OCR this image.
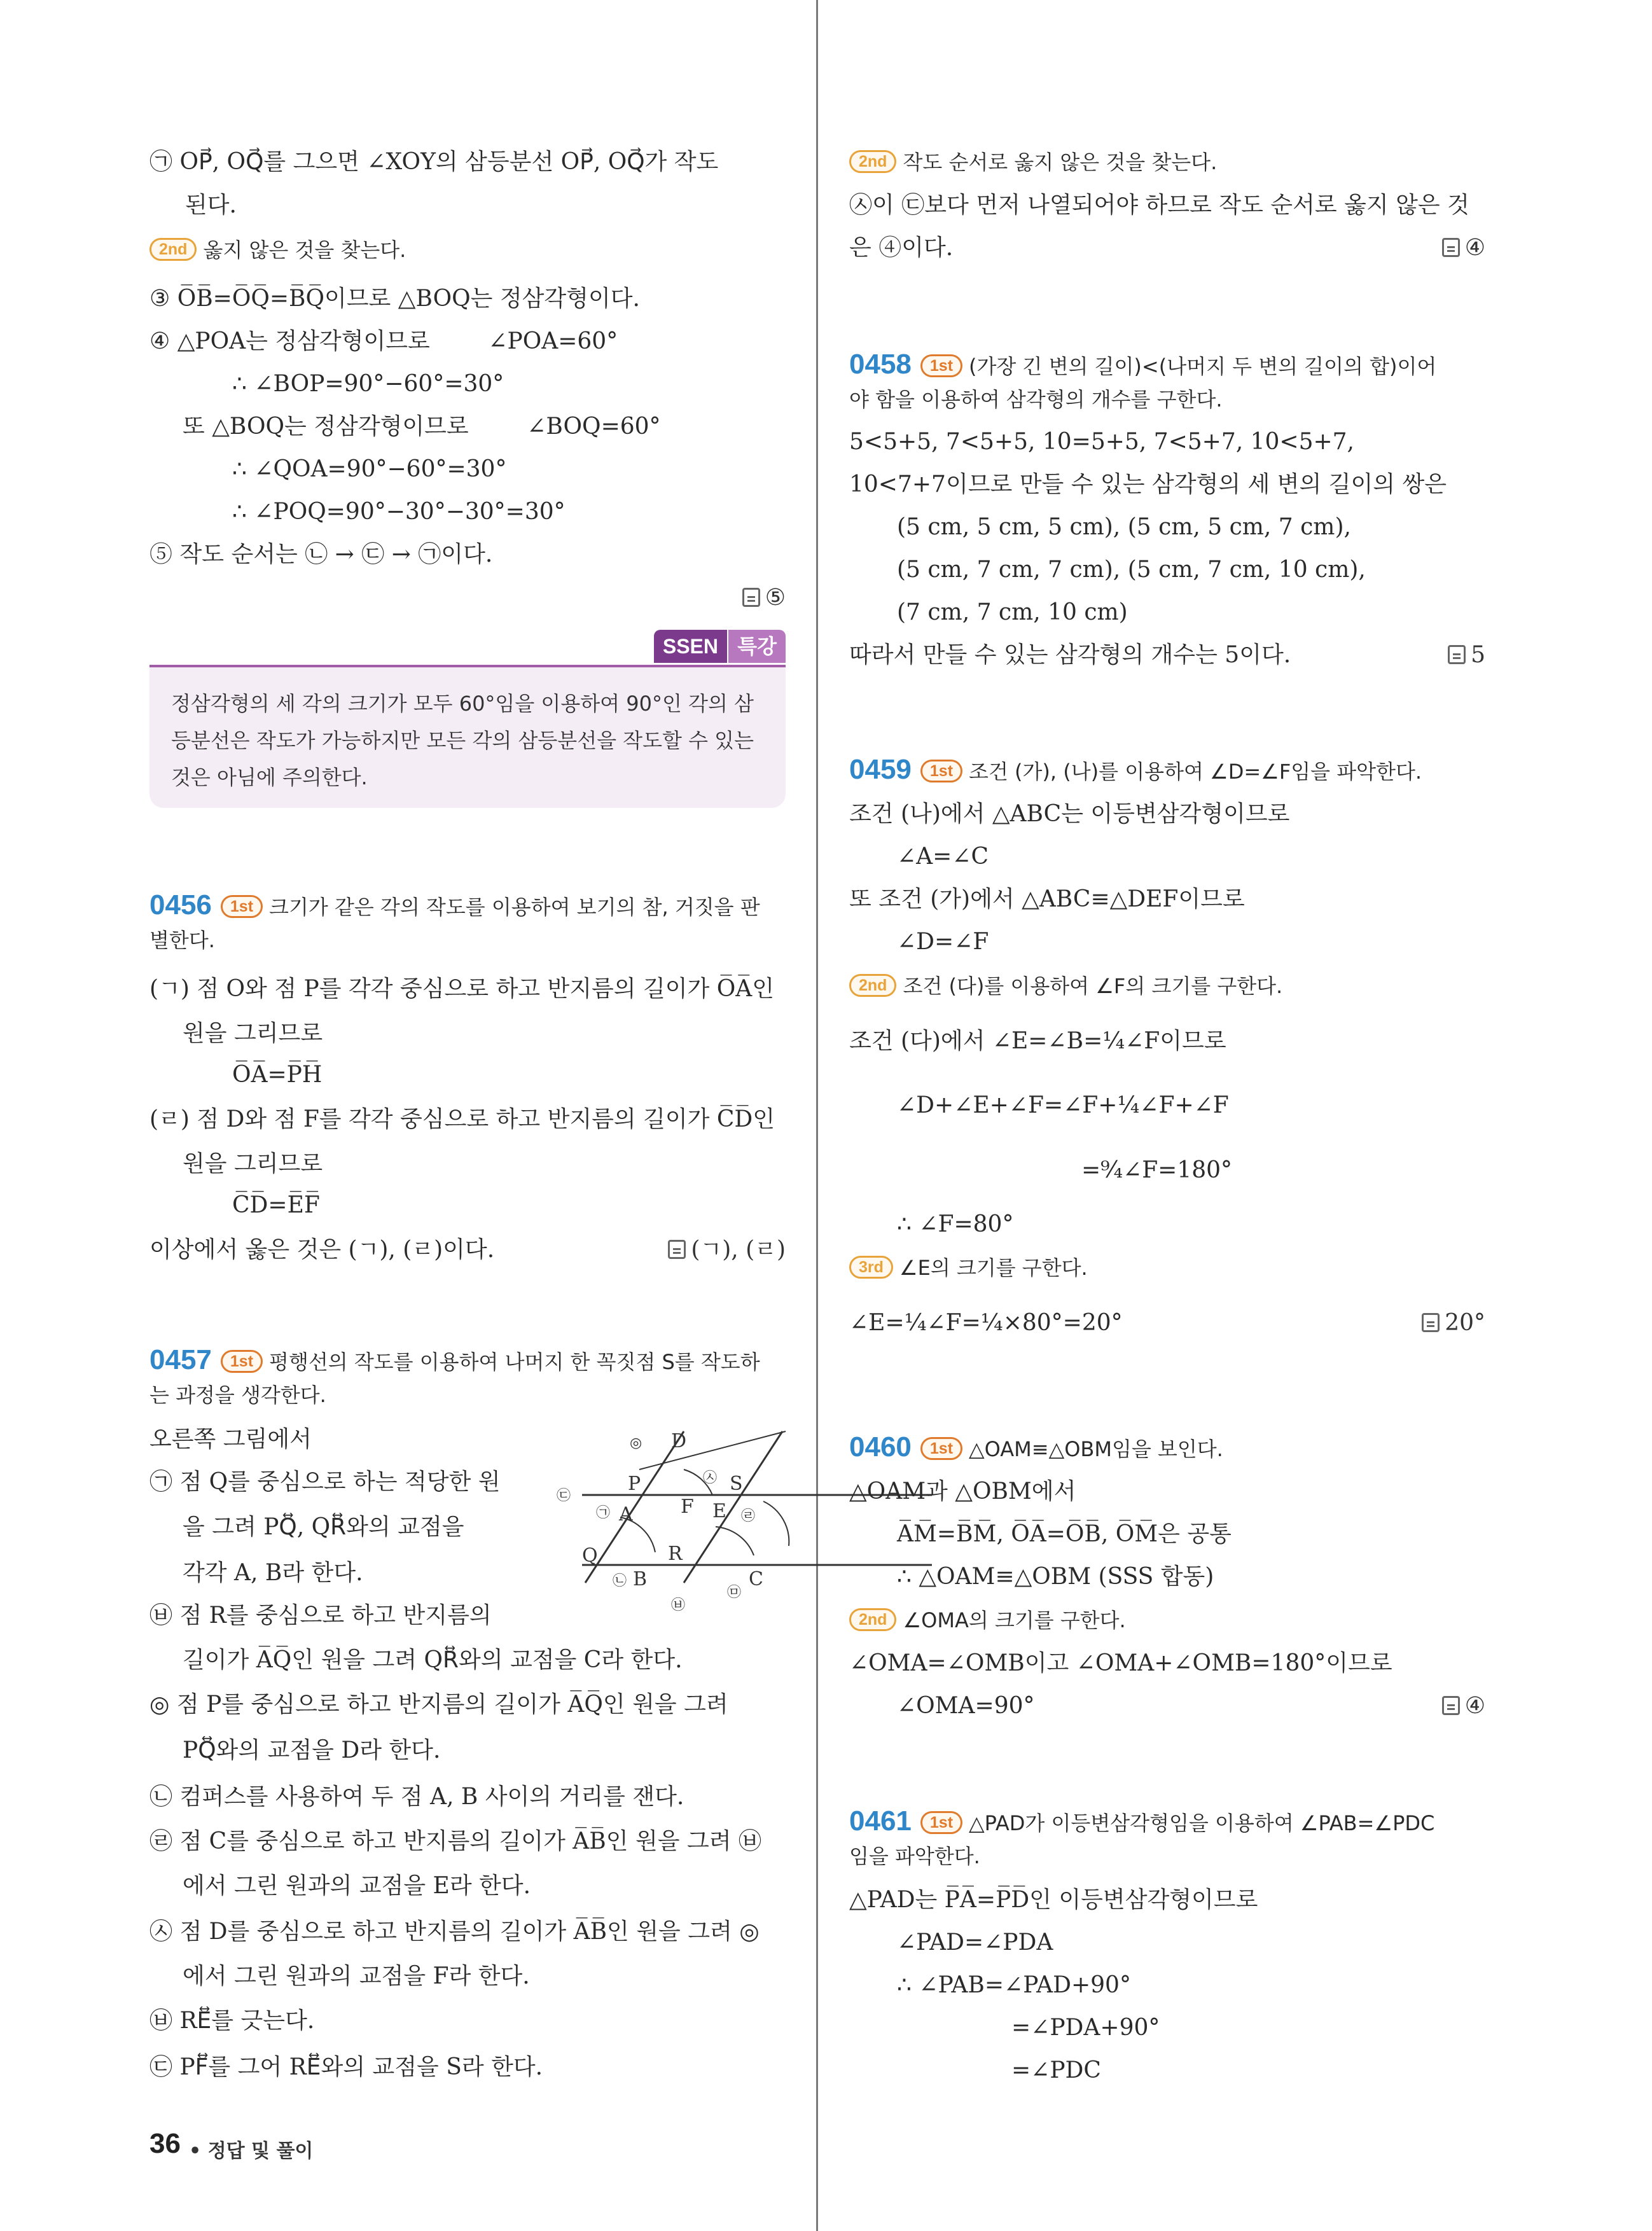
㉠ OP⃗, OQ⃗를 그으면 ∠XOY의 삼등분선 OP⃗, OQ⃗가 작도
된다.
2nd 옳지 않은 것을 찾는다.
③ O̅B̅=O̅Q̅=B̅Q̅이므로 △BOQ는 정삼각형이다.
④ △POA는 정삼각형이므로        ∠POA=60°
∴ ∠BOP=90°−60°=30°
또 △BOQ는 정삼각형이므로        ∠BOQ=60°
∴ ∠QOA=90°−60°=30°
∴ ∠POQ=90°−30°−30°=30°
⑤ 작도 순서는 ㉡ → ㉢ → ㉠이다.
⑤
SSEN 특강
정삼각형의 세 각의 크기가 모두 60°임을 이용하여 90°인 각의 삼
등분선은 작도가 가능하지만 모든 각의 삼등분선을 작도할 수 있는
것은 아님에 주의한다.
0456 1st 크기가 같은 각의 작도를 이용하여 보기의 참, 거짓을 판
별한다.
(ㄱ) 점 O와 점 P를 각각 중심으로 하고 반지름의 길이가 O̅A̅인
원을 그리므로
O̅A̅=P̅H̅
(ㄹ) 점 D와 점 F를 각각 중심으로 하고 반지름의 길이가 C̅D̅인
원을 그리므로
C̅D̅=E̅F̅
이상에서 옳은 것은 (ㄱ), (ㄹ)이다.	(ㄱ), (ㄹ)
0457 1st 평행선의 작도를 이용하여 나머지 한 꼭짓점 S를 작도하
는 과정을 생각한다.
오른쪽 그림에서
㉠ 점 Q를 중심으로 하는 적당한 원
을 그려 PQ⃡, QR⃡와의 교점을
각각 A, B라 한다.
㉥ 점 R를 중심으로 하고 반지름의
길이가 A̅Q̅인 원을 그려 QR⃡와의 교점을 C라 한다.
◎ 점 P를 중심으로 하고 반지름의 길이가 A̅Q̅인 원을 그려
PQ⃡와의 교점을 D라 한다.
㉡ 컴퍼스를 사용하여 두 점 A, B 사이의 거리를 잰다.
㉣ 점 C를 중심으로 하고 반지름의 길이가 A̅B̅인 원을 그려 ㉥
에서 그린 원과의 교점을 E라 한다.
㉦ 점 D를 중심으로 하고 반지름의 길이가 A̅B̅인 원을 그려 ◎
에서 그린 원과의 교점을 F라 한다.
㉥ RE⃡를 긋는다.
㉢ PF⃡를 그어 RE⃡와의 교점을 S라 한다.
D
P	S
A	F E
Q	R
B	C
◎
㉦
㉢
㉠	㉣
㉡
㉥
㉤
36 • 정답 및 풀이
2nd 작도 순서로 옳지 않은 것을 찾는다.
㉦이 ㉢보다 먼저 나열되어야 하므로 작도 순서로 옳지 않은 것
은 ④이다.	④
0458 1st (가장 긴 변의 길이)<(나머지 두 변의 길이의 합)이어
야 함을 이용하여 삼각형의 개수를 구한다.
5<5+5, 7<5+5, 10=5+5, 7<5+7, 10<5+7,
10<7+7이므로 만들 수 있는 삼각형의 세 변의 길이의 쌍은
(5 cm, 5 cm, 5 cm), (5 cm, 5 cm, 7 cm),
(5 cm, 7 cm, 7 cm), (5 cm, 7 cm, 10 cm),
(7 cm, 7 cm, 10 cm)
따라서 만들 수 있는 삼각형의 개수는 5이다.	5
0459 1st 조건 (가), (나)를 이용하여 ∠D=∠F임을 파악한다.
조건 (나)에서 △ABC는 이등변삼각형이므로
∠A=∠C
또 조건 (가)에서 △ABC≡△DEF이므로
∠D=∠F
2nd 조건 (다)를 이용하여 ∠F의 크기를 구한다.
조건 (다)에서 ∠E=∠B=¼∠F이므로
∠D+∠E+∠F=∠F+¼∠F+∠F
=⁹⁄₄∠F=180°
∴ ∠F=80°
3rd ∠E의 크기를 구한다.
∠E=¼∠F=¼×80°=20°	20°
0460 1st △OAM≡△OBM임을 보인다.
△OAM과 △OBM에서
A̅M̅=B̅M̅, O̅A̅=O̅B̅, O̅M̅은 공통
∴ △OAM≡△OBM (SSS 합동)
2nd ∠OMA의 크기를 구한다.
∠OMA=∠OMB이고 ∠OMA+∠OMB=180°이므로
∠OMA=90°	④
0461 1st △PAD가 이등변삼각형임을 이용하여 ∠PAB=∠PDC
임을 파악한다.
△PAD는 P̅A̅=P̅D̅인 이등변삼각형이므로
∠PAD=∠PDA
∴ ∠PAB=∠PAD+90°
=∠PDA+90°
=∠PDC
